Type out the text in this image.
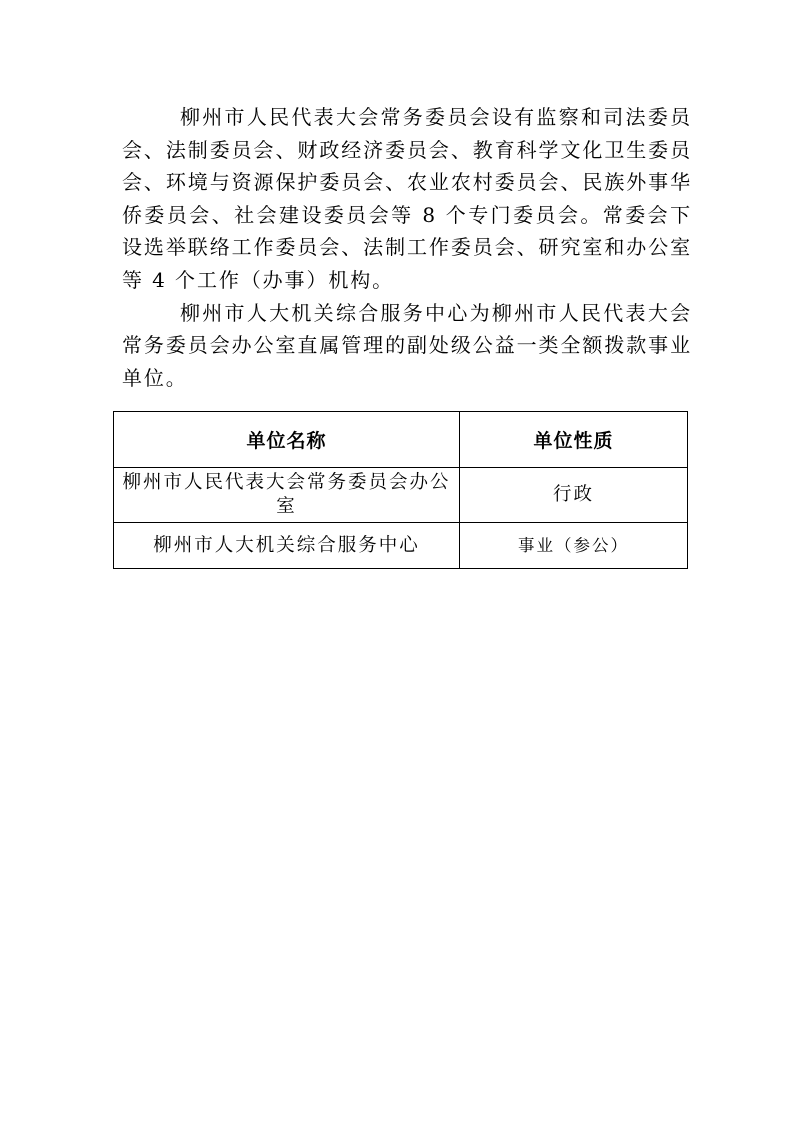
柳州市人民代表大会常务委员会设有监察和司法委员会、法制委员会、财政经济委员会、教育科学文化卫生委员会、环境与资源保护委员会、农业农村委员会、民族外事华侨委员会、社会建设委员会等 8 个专门委员会。常委会下设选举联络工作委员会、法制工作委员会、研究室和办公室等 4 个工作（办事）机构。

柳州市人大机关综合服务中心为柳州市人民代表大会常务委员会办公室直属管理的副处级公益一类全额拨款事业单位。

单位名称	单位性质
柳州市人民代表大会常务委员会办公室	行政
柳州市人大机关综合服务中心	事业（参公）
